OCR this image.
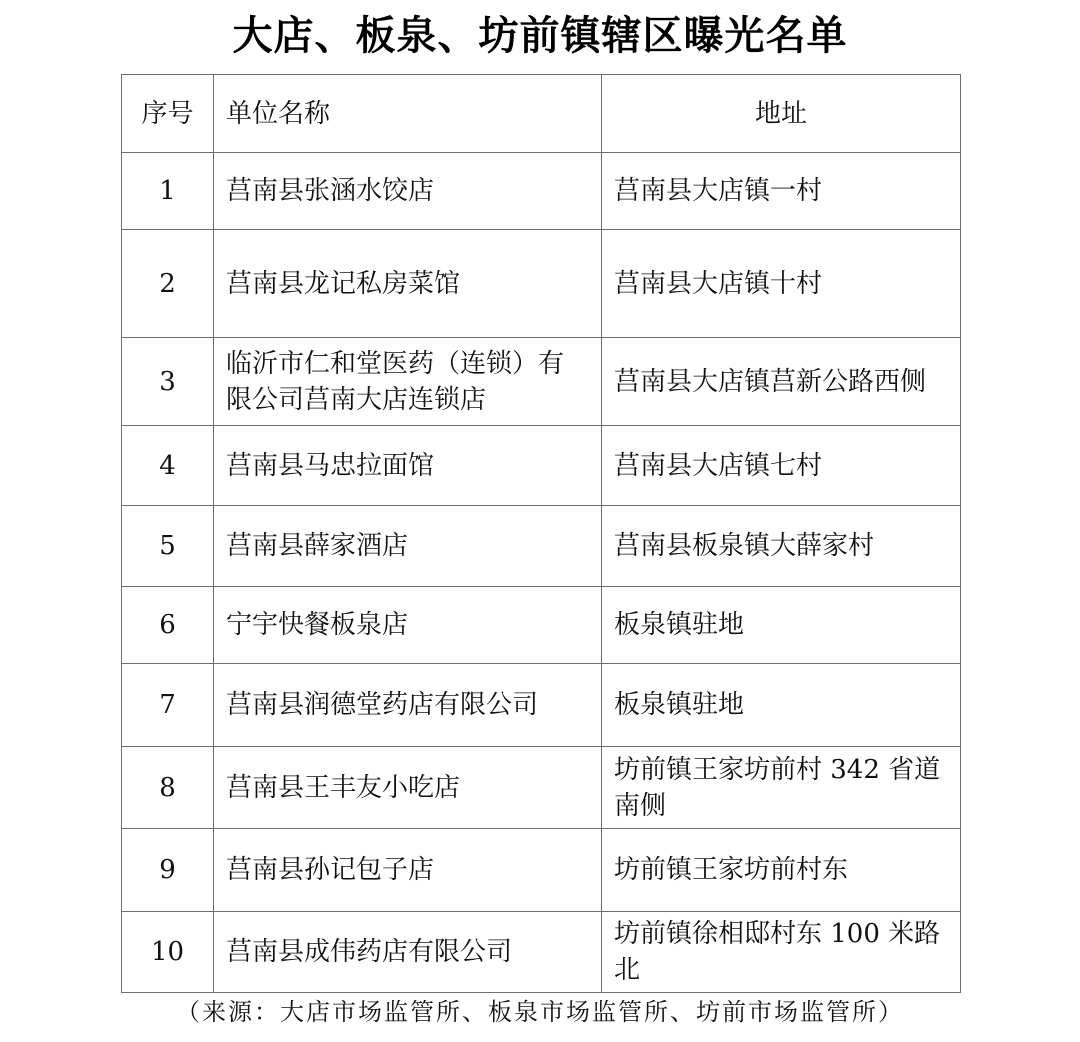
大店、板泉、坊前镇辖区曝光名单
序号	单位名称	地址
1	莒南县张涵水饺店	莒南县大店镇一村
2	莒南县龙记私房菜馆	莒南县大店镇十村
3	临沂市仁和堂医药（连锁）有限公司莒南大店连锁店	莒南县大店镇莒新公路西侧
4	莒南县马忠拉面馆	莒南县大店镇七村
5	莒南县薛家酒店	莒南县板泉镇大薛家村
6	宁宇快餐板泉店	板泉镇驻地
7	莒南县润德堂药店有限公司	板泉镇驻地
8	莒南县王丰友小吃店	坊前镇王家坊前村 342 省道南侧
9	莒南县孙记包子店	坊前镇王家坊前村东
10	莒南县成伟药店有限公司	坊前镇徐相邸村东 100 米路北
（来源：大店市场监管所、板泉市场监管所、坊前市场监管所）
